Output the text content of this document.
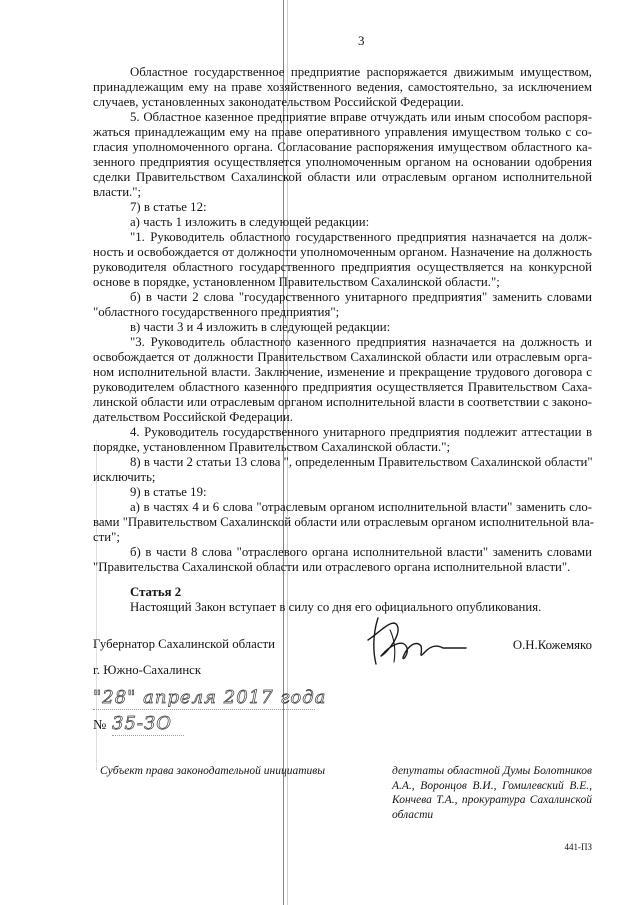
3
Областное государственное предприятие распоряжается движимым имуществом,
принадлежащим ему на праве хозяйственного ведения, самостоятельно, за исключением
случаев, установленных законодательством Российской Федерации.
5. Областное казенное предприятие вправе отчуждать или иным способом распоря-
жаться принадлежащим ему на праве оперативного управления имуществом только с со-
гласия уполномоченного органа. Согласование распоряжения имуществом областного ка-
зенного предприятия осуществляется уполномоченным органом на основании одобрения
сделки Правительством Сахалинской области или отраслевым органом исполнительной
власти.";
7) в статье 12:
а) часть 1 изложить в следующей редакции:
"1. Руководитель областного государственного предприятия назначается на долж-
ность и освобождается от должности уполномоченным органом. Назначение на должность
руководителя областного государственного предприятия осуществляется на конкурсной
основе в порядке, установленном Правительством Сахалинской области.";
б) в части 2 слова "государственного унитарного предприятия" заменить словами
"областного государственного предприятия";
в) части 3 и 4 изложить в следующей редакции:
"3. Руководитель областного казенного предприятия назначается на должность и
освобождается от должности Правительством Сахалинской области или отраслевым орга-
ном исполнительной власти. Заключение, изменение и прекращение трудового договора с
руководителем областного казенного предприятия осуществляется Правительством Саха-
линской области или отраслевым органом исполнительной власти в соответствии с законо-
дательством Российской Федерации.
4. Руководитель государственного унитарного предприятия подлежит аттестации в
порядке, установленном Правительством Сахалинской области.";
8) в части 2 статьи 13 слова ", определенным Правительством Сахалинской области"
исключить;
9) в статье 19:
а) в частях 4 и 6 слова "отраслевым органом исполнительной власти" заменить сло-
вами "Правительством Сахалинской области или отраслевым органом исполнительной вла-
сти";
б) в части 8 слова "отраслевого органа исполнительной власти" заменить словами
"Правительства Сахалинской области или отраслевого органа исполнительной власти".
Статья 2
Настоящий Закон вступает в силу со дня его официального опубликования.
Губернатор Сахалинской области	О.Н.Кожемяко
г. Южно-Сахалинск
"28" апреля 2017 года
№ 35-ЗО
Субъект права законодательной инициативы	депутаты областной Думы Болотников
А.А., Воронцов В.И., Гомилевский В.Е.,
Кончева Т.А., прокуратура Сахалинской
области
441-ПЗ
